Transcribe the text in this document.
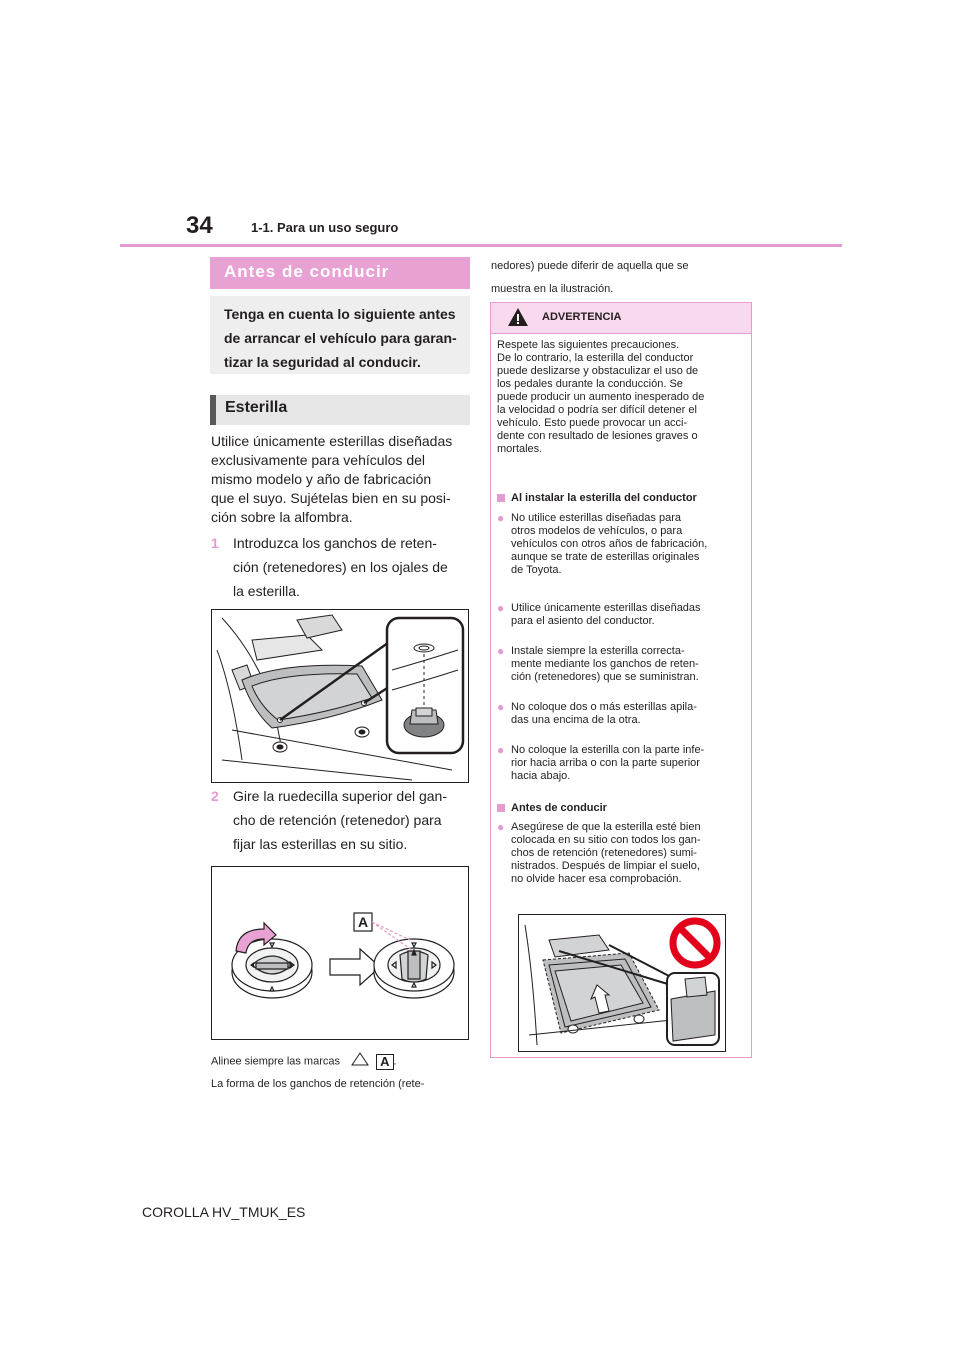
34	1-1. Para un uso seguro
Antes de conducir

Tenga en cuenta lo siguiente antes
de arrancar el vehículo para garan-
tizar la seguridad al conducir.

Esterilla
Utilice únicamente esterillas diseñadas
exclusivamente para vehículos del
mismo modelo y año de fabricación
que el suyo. Sujételas bien en su posi-
ción sobre la alfombra.
1 Introduzca los ganchos de reten-
ción (retenedores) en los ojales de
la esterilla.
2 Gire la ruedecilla superior del gan-
cho de retención (retenedor) para
fijar las esterillas en su sitio.
A
Alinee siempre las marcas	A .
La forma de los ganchos de retención (rete-
nedores) puede diferir de aquella que se
muestra en la ilustración.
ADVERTENCIA
Respete las siguientes precauciones.
De lo contrario, la esterilla del conductor
puede deslizarse y obstaculizar el uso de
los pedales durante la conducción. Se
puede producir un aumento inesperado de
la velocidad o podría ser difícil detener el
vehículo. Esto puede provocar un acci-
dente con resultado de lesiones graves o
mortales.
Al instalar la esterilla del conductor
● No utilice esterillas diseñadas para
otros modelos de vehículos, o para
vehículos con otros años de fabricación,
aunque se trate de esterillas originales
de Toyota.
● Utilice únicamente esterillas diseñadas
para el asiento del conductor.
● Instale siempre la esterilla correcta-
mente mediante los ganchos de reten-
ción (retenedores) que se suministran.
● No coloque dos o más esterillas apila-
das una encima de la otra.
● No coloque la esterilla con la parte infe-
rior hacia arriba o con la parte superior
hacia abajo.
Antes de conducir
● Asegúrese de que la esterilla esté bien
colocada en su sitio con todos los gan-
chos de retención (retenedores) sumi-
nistrados. Después de limpiar el suelo,
no olvide hacer esa comprobación.
COROLLA HV_TMUK_ES
